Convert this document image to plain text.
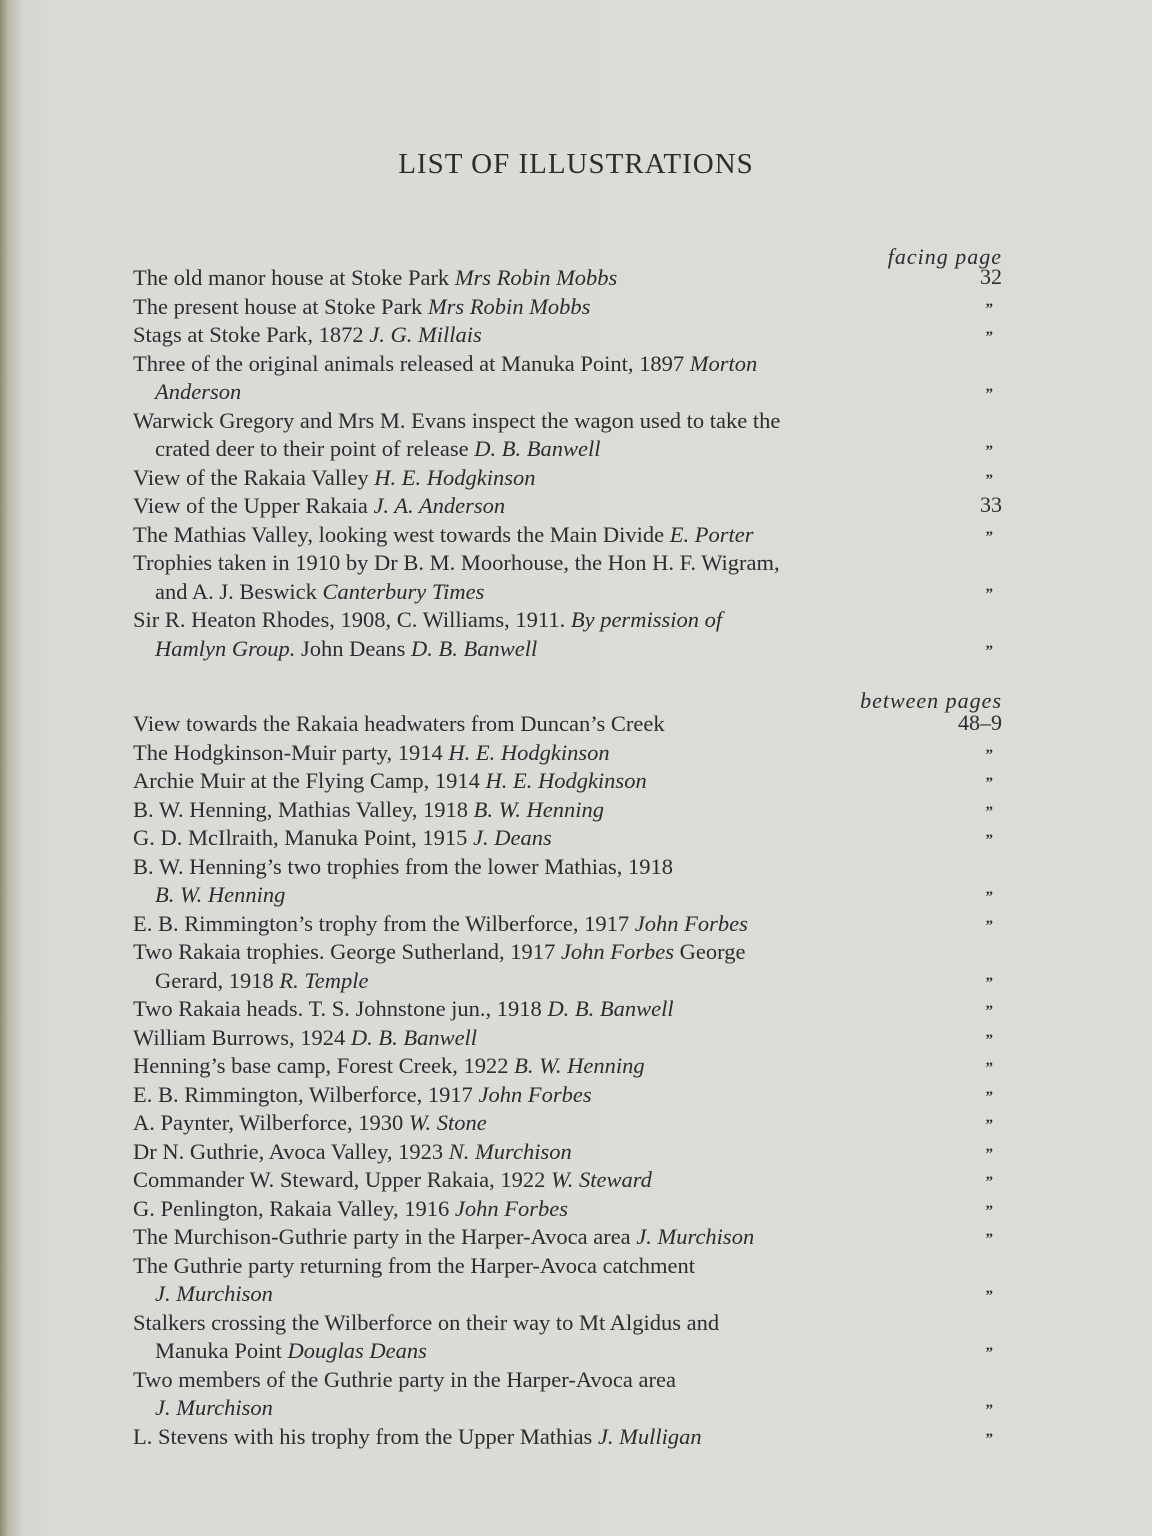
LIST OF ILLUSTRATIONS
facing page
The old manor house at Stoke Park Mrs Robin Mobbs	32
The present house at Stoke Park Mrs Robin Mobbs	”
Stags at Stoke Park, 1872 J. G. Millais	”
Three of the original animals released at Manuka Point, 1897 Morton
Anderson	”
Warwick Gregory and Mrs M. Evans inspect the wagon used to take the
crated deer to their point of release D. B. Banwell	”
View of the Rakaia Valley H. E. Hodgkinson	”
View of the Upper Rakaia J. A. Anderson	33
The Mathias Valley, looking west towards the Main Divide E. Porter	”
Trophies taken in 1910 by Dr B. M. Moorhouse, the Hon H. F. Wigram,
and A. J. Beswick Canterbury Times	”
Sir R. Heaton Rhodes, 1908, C. Williams, 1911. By permission of
Hamlyn Group. John Deans D. B. Banwell	”
between pages
View towards the Rakaia headwaters from Duncan’s Creek	48–9
The Hodgkinson-Muir party, 1914 H. E. Hodgkinson	”
Archie Muir at the Flying Camp, 1914 H. E. Hodgkinson	”
B. W. Henning, Mathias Valley, 1918 B. W. Henning	”
G. D. McIlraith, Manuka Point, 1915 J. Deans	”
B. W. Henning’s two trophies from the lower Mathias, 1918
B. W. Henning	”
E. B. Rimmington’s trophy from the Wilberforce, 1917 John Forbes	”
Two Rakaia trophies. George Sutherland, 1917 John Forbes George
Gerard, 1918 R. Temple	”
Two Rakaia heads. T. S. Johnstone jun., 1918 D. B. Banwell	”
William Burrows, 1924 D. B. Banwell	”
Henning’s base camp, Forest Creek, 1922 B. W. Henning	”
E. B. Rimmington, Wilberforce, 1917 John Forbes	”
A. Paynter, Wilberforce, 1930 W. Stone	”
Dr N. Guthrie, Avoca Valley, 1923 N. Murchison	”
Commander W. Steward, Upper Rakaia, 1922 W. Steward	”
G. Penlington, Rakaia Valley, 1916 John Forbes	”
The Murchison-Guthrie party in the Harper-Avoca area J. Murchison	”
The Guthrie party returning from the Harper-Avoca catchment
J. Murchison	”
Stalkers crossing the Wilberforce on their way to Mt Algidus and
Manuka Point Douglas Deans	”
Two members of the Guthrie party in the Harper-Avoca area
J. Murchison	”
L. Stevens with his trophy from the Upper Mathias J. Mulligan	”
